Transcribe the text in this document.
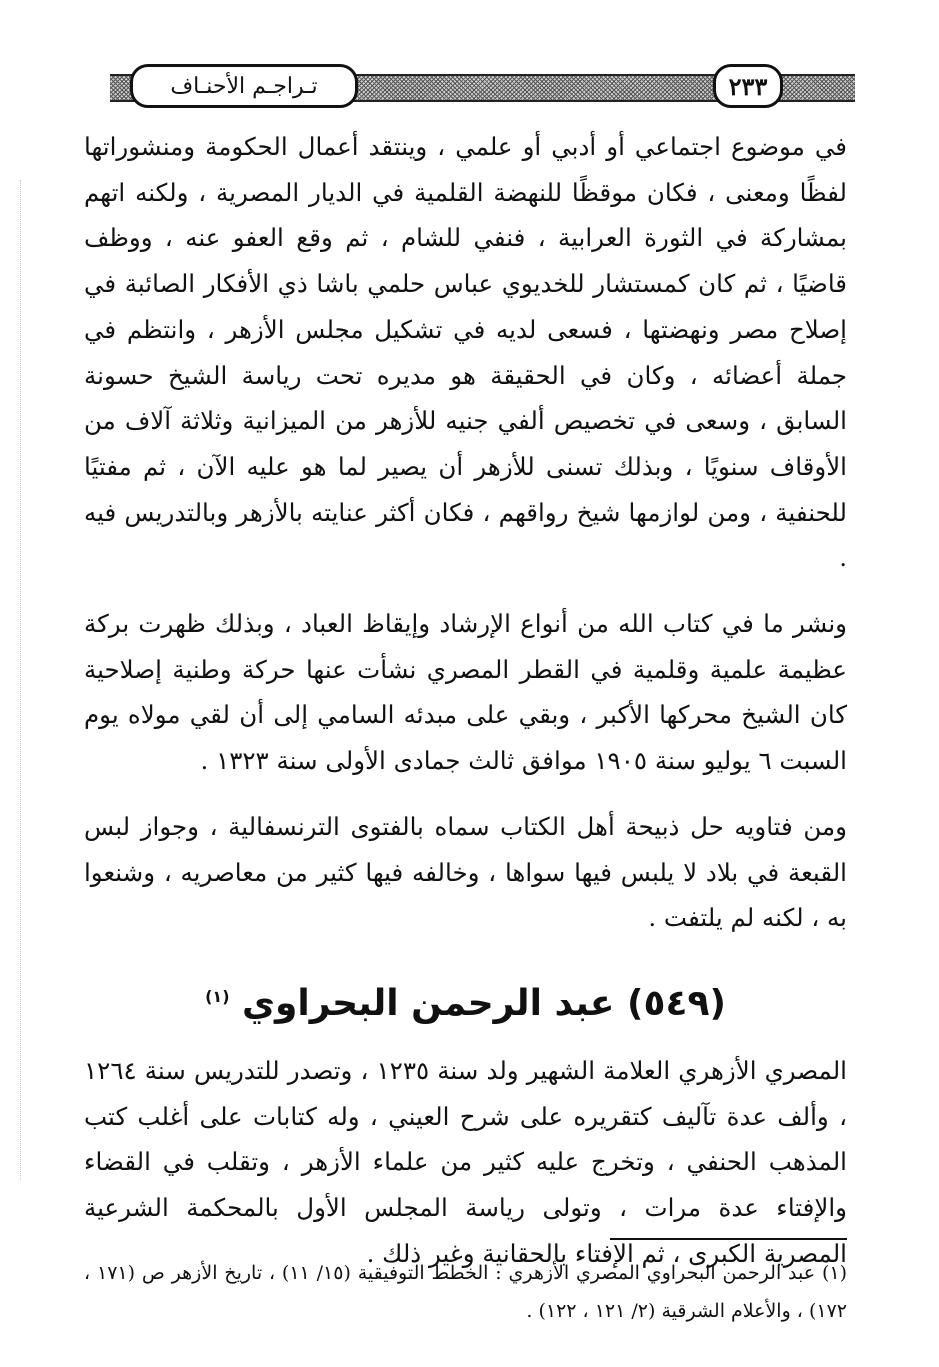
تـراجـم الأحنـاف	٢٣٣

في موضوع اجتماعي أو أدبي أو علمي ، وينتقد أعمال الحكومة ومنشوراتها لفظًا ومعنى ، فكان موقظًا للنهضة القلمية في الديار المصرية ، ولكنه اتهم بمشاركة في الثورة العرابية ، فنفي للشام ، ثم وقع العفو عنه ، ووظف قاضيًا ، ثم كان كمستشار للخديوي عباس حلمي باشا ذي الأفكار الصائبة في إصلاح مصر ونهضتها ، فسعى لديه في تشكيل مجلس الأزهر ، وانتظم في جملة أعضائه ، وكان في الحقيقة هو مديره تحت رياسة الشيخ حسونة السابق ، وسعى في تخصيص ألفي جنيه للأزهر من الميزانية وثلاثة آلاف من الأوقاف سنويًا ، وبذلك تسنى للأزهر أن يصير لما هو عليه الآن ، ثم مفتيًا للحنفية ، ومن لوازمها شيخ رواقهم ، فكان أكثر عنايته بالأزهر وبالتدريس فيه .

ونشر ما في كتاب الله من أنواع الإرشاد وإيقاظ العباد ، وبذلك ظهرت بركة عظيمة علمية وقلمية في القطر المصري نشأت عنها حركة وطنية إصلاحية كان الشيخ محركها الأكبر ، وبقي على مبدئه السامي إلى أن لقي مولاه يوم السبت ٦ يوليو سنة ١٩٠٥ موافق ثالث جمادى الأولى سنة ١٣٢٣ .

ومن فتاويه حل ذبيحة أهل الكتاب سماه بالفتوى الترنسفالية ، وجواز لبس القبعة في بلاد لا يلبس فيها سواها ، وخالفه فيها كثير من معاصريه ، وشنعوا به ، لكنه لم يلتفت .

(٥٤٩) عبد الرحمن البحراوي $^{(١)}$

المصري الأزهري العلامة الشهير ولد سنة ١٢٣٥ ، وتصدر للتدريس سنة ١٢٦٤ ، وألف عدة تآليف كتقريره على شرح العيني ، وله كتابات على أغلب كتب المذهب الحنفي ، وتخرج عليه كثير من علماء الأزهر ، وتقلب في القضاء والإفتاء عدة مرات ، وتولى رياسة المجلس الأول بالمحكمة الشرعية المصرية الكبرى ، ثم الإفتاء بالحقانية وغير ذلك .

(١) عبد الرحمن البحراوي المصري الأزهري : الخطط التوفيقية (١٥/ ١١) ، تاريخ الأزهر ص (١٧١ ، ١٧٢) ، والأعلام الشرقية (٢/ ١٢١ ، ١٢٢) .
